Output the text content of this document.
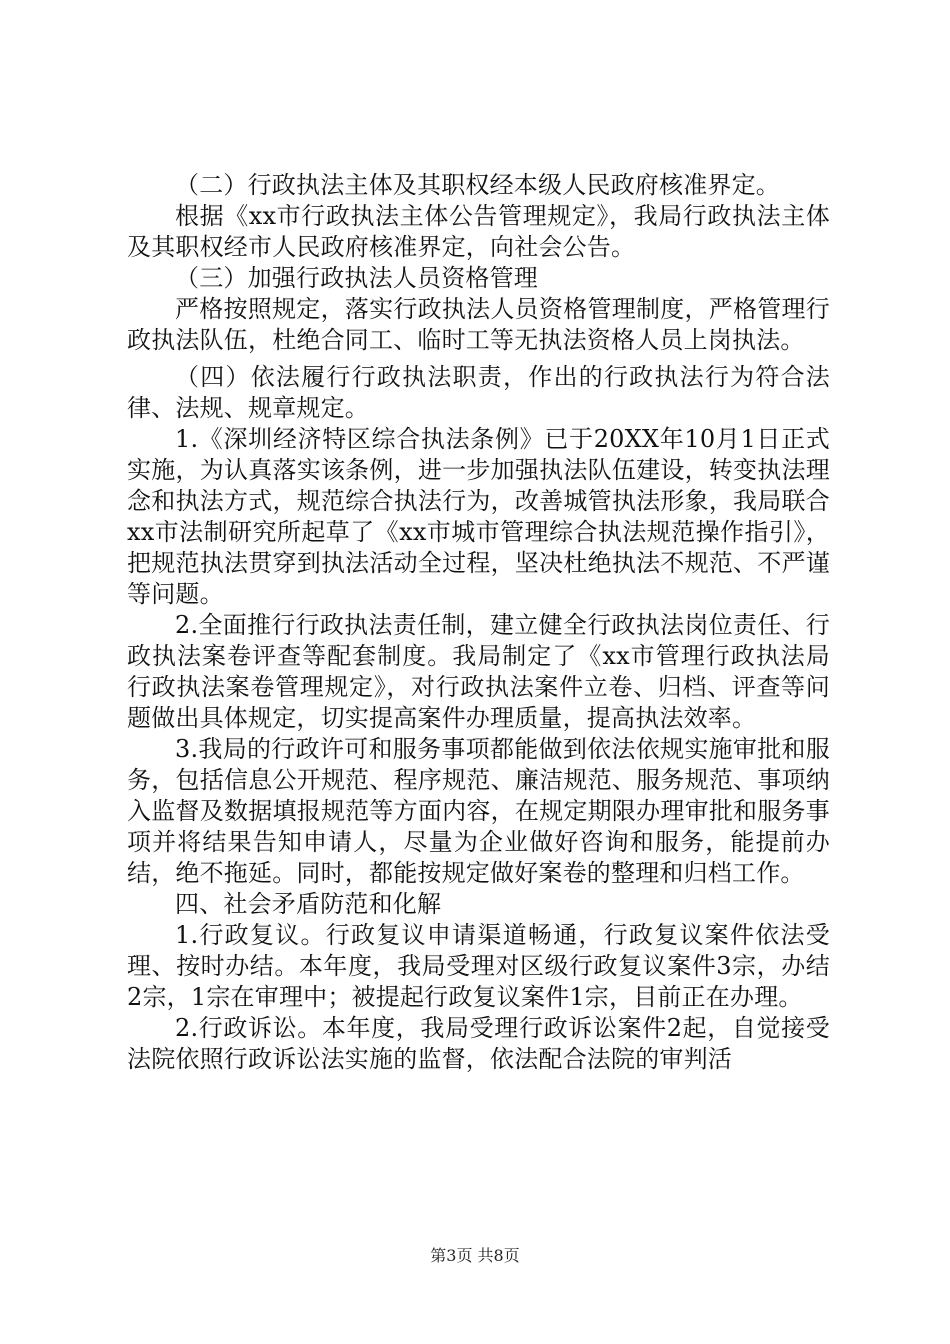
（二）行政执法主体及其职权经本级人民政府核准界定。

根据《xx市行政执法主体公告管理规定》，我局行政执法主体及其职权经市人民政府核准界定，向社会公告。

（三）加强行政执法人员资格管理

严格按照规定，落实行政执法人员资格管理制度，严格管理行政执法队伍，杜绝合同工、临时工等无执法资格人员上岗执法。

（四）依法履行行政执法职责，作出的行政执法行为符合法律、法规、规章规定。

1.《深圳经济特区综合执法条例》已于20XX年10月1日正式实施，为认真落实该条例，进一步加强执法队伍建设，转变执法理念和执法方式，规范综合执法行为，改善城管执法形象，我局联合xx市法制研究所起草了《xx市城市管理综合执法规范操作指引》，把规范执法贯穿到执法活动全过程，坚决杜绝执法不规范、不严谨等问题。

2.全面推行行政执法责任制，建立健全行政执法岗位责任、行政执法案卷评查等配套制度。我局制定了《xx市管理行政执法局行政执法案卷管理规定》，对行政执法案件立卷、归档、评查等问题做出具体规定，切实提高案件办理质量，提高执法效率。

3.我局的行政许可和服务事项都能做到依法依规实施审批和服务，包括信息公开规范、程序规范、廉洁规范、服务规范、事项纳入监督及数据填报规范等方面内容，在规定期限办理审批和服务事项并将结果告知申请人，尽量为企业做好咨询和服务，能提前办结，绝不拖延。同时，都能按规定做好案卷的整理和归档工作。

四、社会矛盾防范和化解

1.行政复议。行政复议申请渠道畅通，行政复议案件依法受理、按时办结。本年度，我局受理对区级行政复议案件3宗，办结2宗，1宗在审理中；被提起行政复议案件1宗，目前正在办理。

2.行政诉讼。本年度，我局受理行政诉讼案件2起，自觉接受法院依照行政诉讼法实施的监督，依法配合法院的审判活

第3页 共8页
